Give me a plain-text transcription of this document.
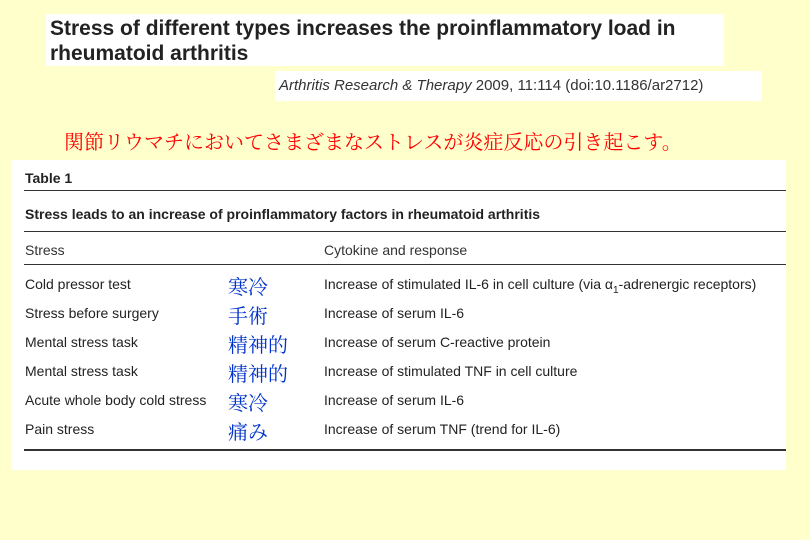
Stress of different types increases the proinflammatory load in rheumatoid arthritis
Arthritis Research & Therapy 2009, 11:114 (doi:10.1186/ar2712)
関節リウマチにおいてさまざまなストレスが炎症反応の引き起こす。
Table 1
Stress leads to an increase of proinflammatory factors in rheumatoid arthritis
Stress	Cytokine and response
Cold pressor test	寒冷	Increase of stimulated IL-6 in cell culture (via $\alpha_1$-adrenergic receptors)
Stress before surgery	手術	Increase of serum IL-6
Mental stress task	精神的	Increase of serum C-reactive protein
Mental stress task	精神的	Increase of stimulated TNF in cell culture
Acute whole body cold stress 寒冷	Increase of serum IL-6
Pain stress	痛み	Increase of serum TNF (trend for IL-6)
